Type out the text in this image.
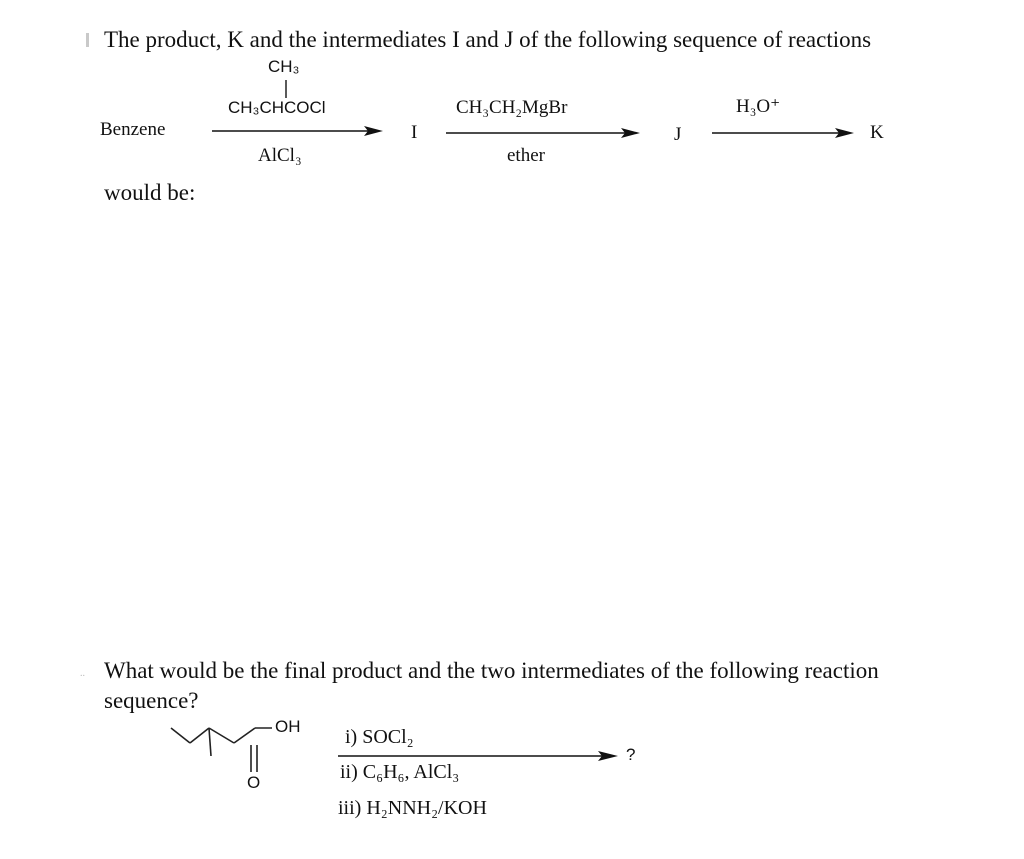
The product, K and the intermediates I and J of the following sequence of reactions
CH₃
CH₃CHCOCl
Benzene
AlCl₃
I
CH₃CH₂MgBr
ether
J
H₃O⁺
K
would be:
.. What would be the final product and the two intermediates of the following reaction
sequence?
OH
O
i) SOCl₂
ii) C₆H₆, AlCl₃
iii) H₂NNH₂/KOH
?
